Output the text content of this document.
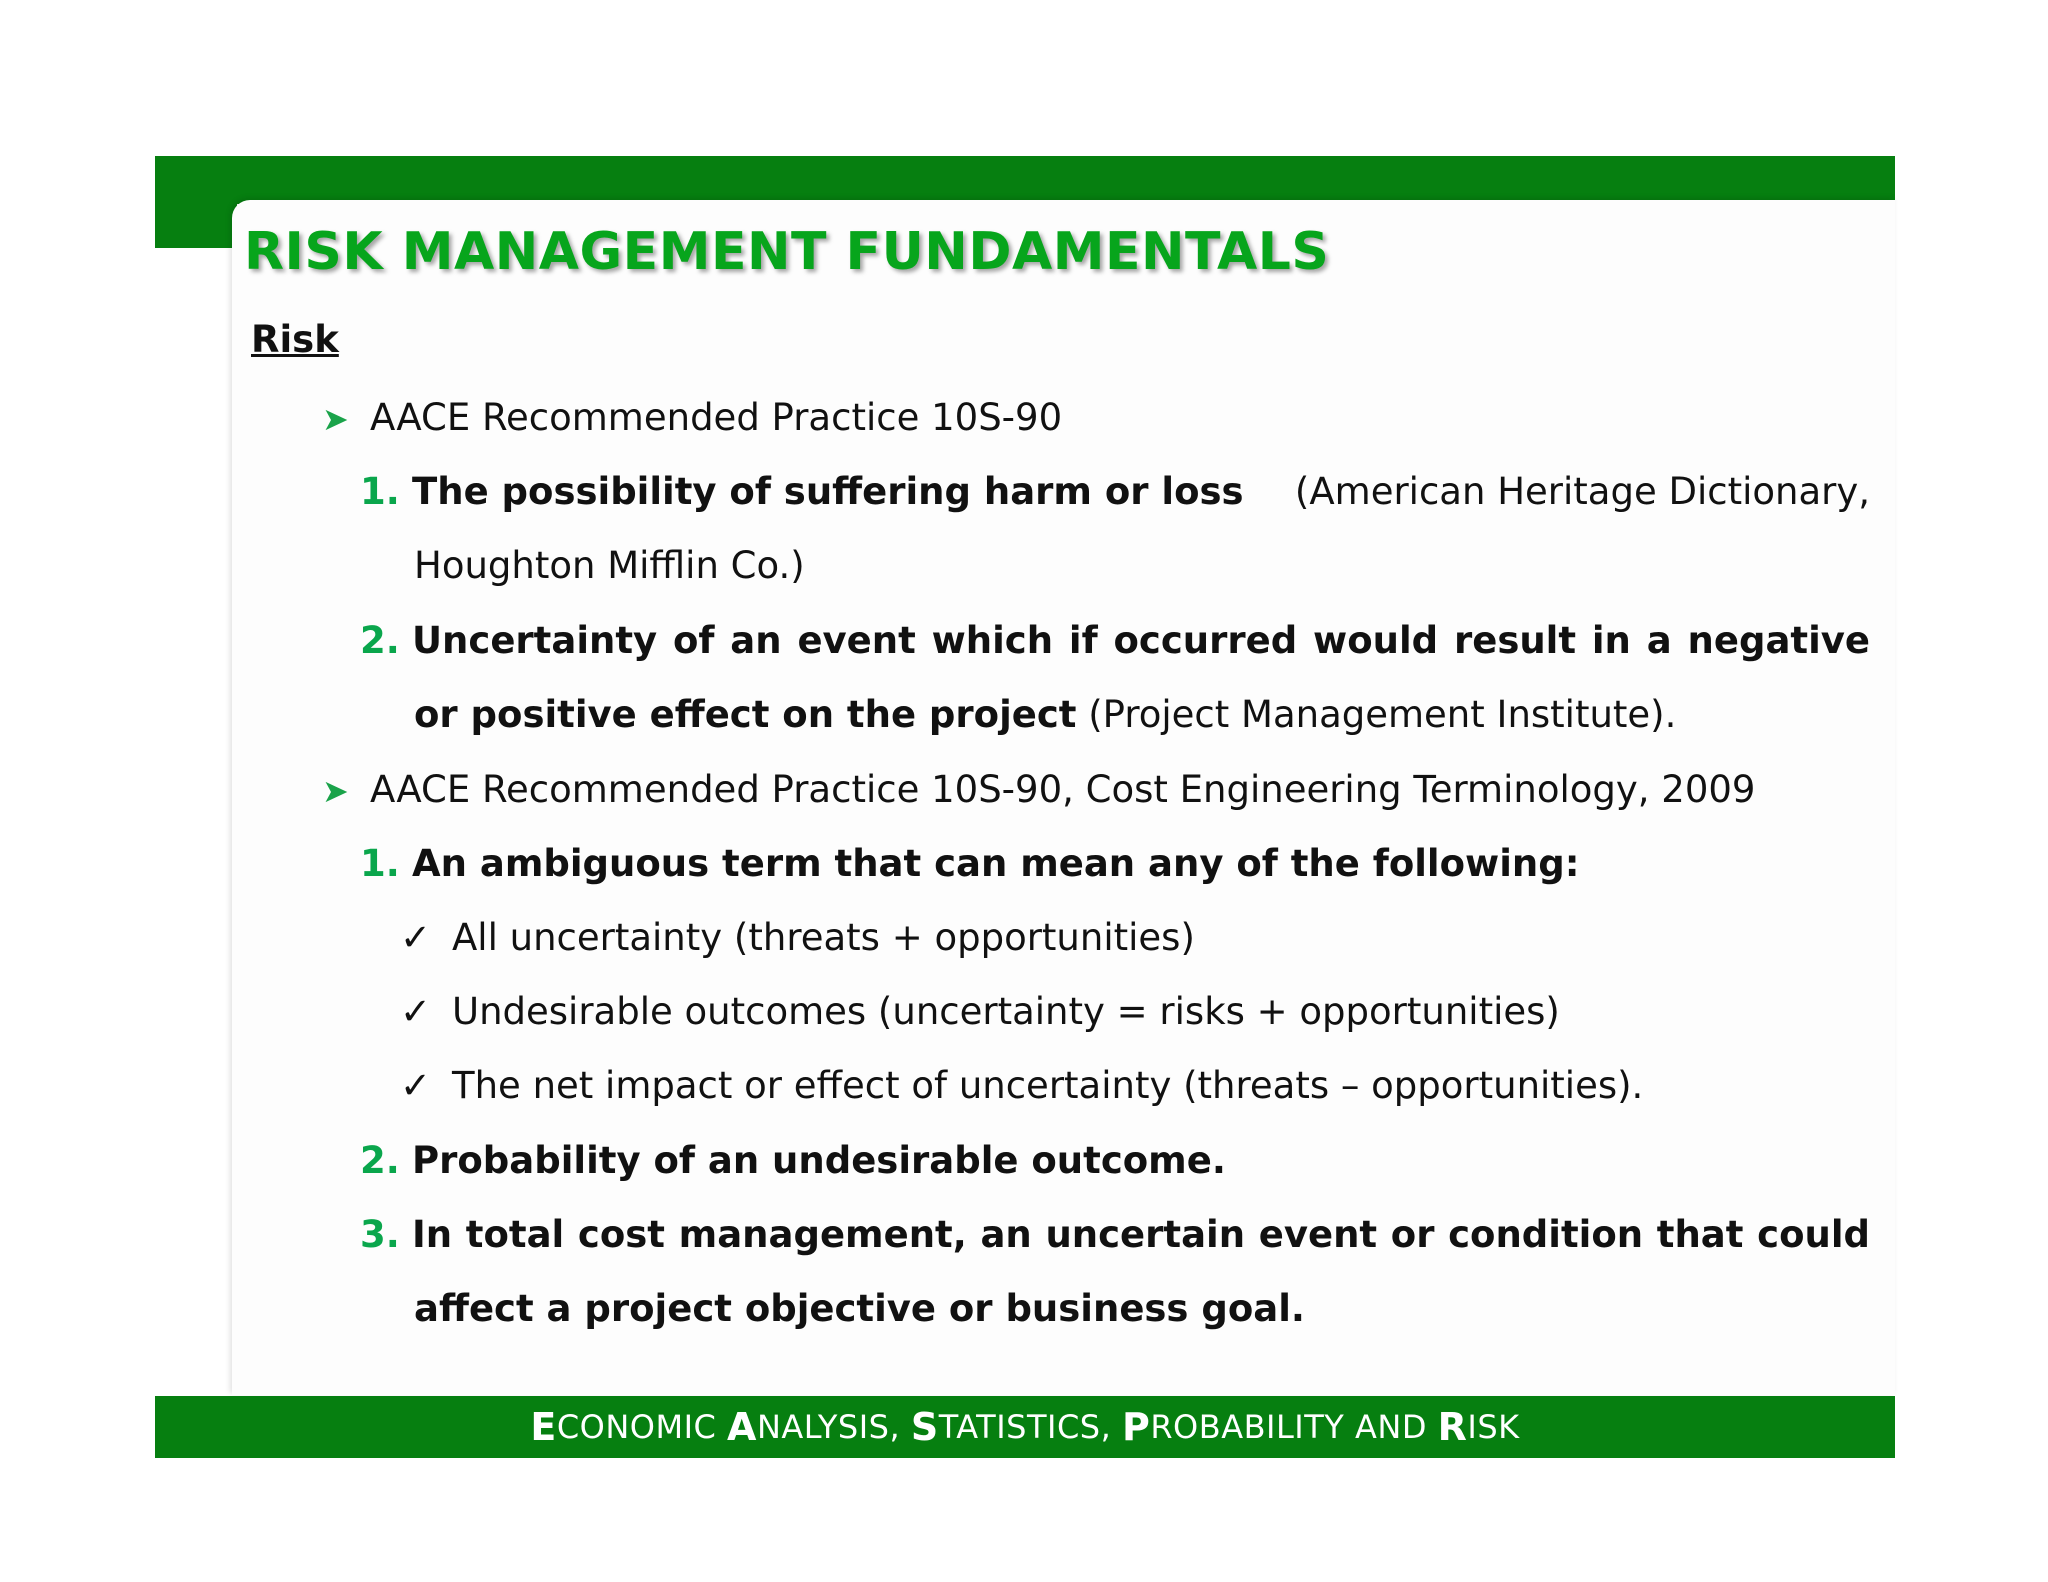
RISK MANAGEMENT FUNDAMENTALS
Risk
➤ AACE Recommended Practice 10S-90
1. The possibility of suffering harm or loss (American Heritage Dictionary,
Houghton Mifflin Co.)
2. Uncertainty of an event which if occurred would result in a negative
or positive effect on the project (Project Management Institute).
➤ AACE Recommended Practice 10S-90, Cost Engineering Terminology, 2009
1. An ambiguous term that can mean any of the following:
✓ All uncertainty (threats + opportunities)
✓ Undesirable outcomes (uncertainty = risks + opportunities)
✓ The net impact or effect of uncertainty (threats – opportunities).
2. Probability of an undesirable outcome.
3. In total cost management, an uncertain event or condition that could
affect a project objective or business goal.
E CONOMIC A NALYSIS, S TATISTICS, P ROBABILITY AND R ISK
